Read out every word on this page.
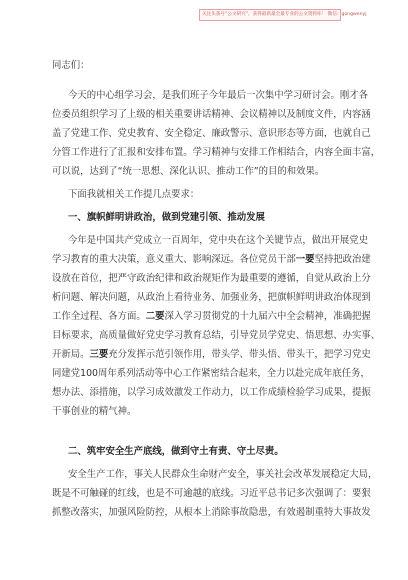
关注头条号“公文研究”，获得最新最全最专业的公文资料库！ 微信：gongwenyj
同志们：
今天的中心组学习会，是我们班子今年最后一次集中学习研讨会。刚才各
位委员组织学习了上级的相关重要讲话精神、会议精神以及制度文件，内容涵
盖了党建工作、党史教育、安全稳定、廉政警示、意识形态等方面，也就自己
分管工作进行了汇报和安排布置。学习精神与安排工作相结合，内容全面丰富，
可以说，达到了“统一思想、深化认识、推动工作”的目的和效果。
下面我就相关工作提几点要求：
一、旗帜鲜明讲政治，做到党建引领、推动发展
今年是中国共产党成立一百周年，党中央在这个关键节点，做出开展党史
学习教育的重大决策，意义重大、影响深远。各位党员干部一要坚持把政治建
设放在首位，把严守政治纪律和政治规矩作为最重要的遵循，自觉从政治上分
析问题、解决问题，从政治上看待业务、加强业务，把旗帜鲜明讲政治体现到
工作全过程、各方面。二要深入学习贯彻党的十九届六中全会精神，准确把握
目标要求，高质量做好党史学习教育总结，引导党员学党史、悟思想、办实事、
开新局。三要充分发挥示范引领作用，带头学、带头悟、带头干，把学习党史
同建党100周年系列活动等中心工作紧密结合起来，全力以赴完成年底任务，
想办法、添措施，以学习成效激发工作动力，以工作成绩检验学习成果，提振
干事创业的精气神。
二、筑牢安全生产底线，做到守土有责、守土尽责。
安全生产工作，事关人民群众生命财产安全，事关社会改革发展稳定大局，
既是不可触碰的红线，也是不可逾越的底线。习近平总书记多次强调了：要狠
抓整改落实，加强风险防控，从根本上消除事故隐患，有效遏制重特大事故发
